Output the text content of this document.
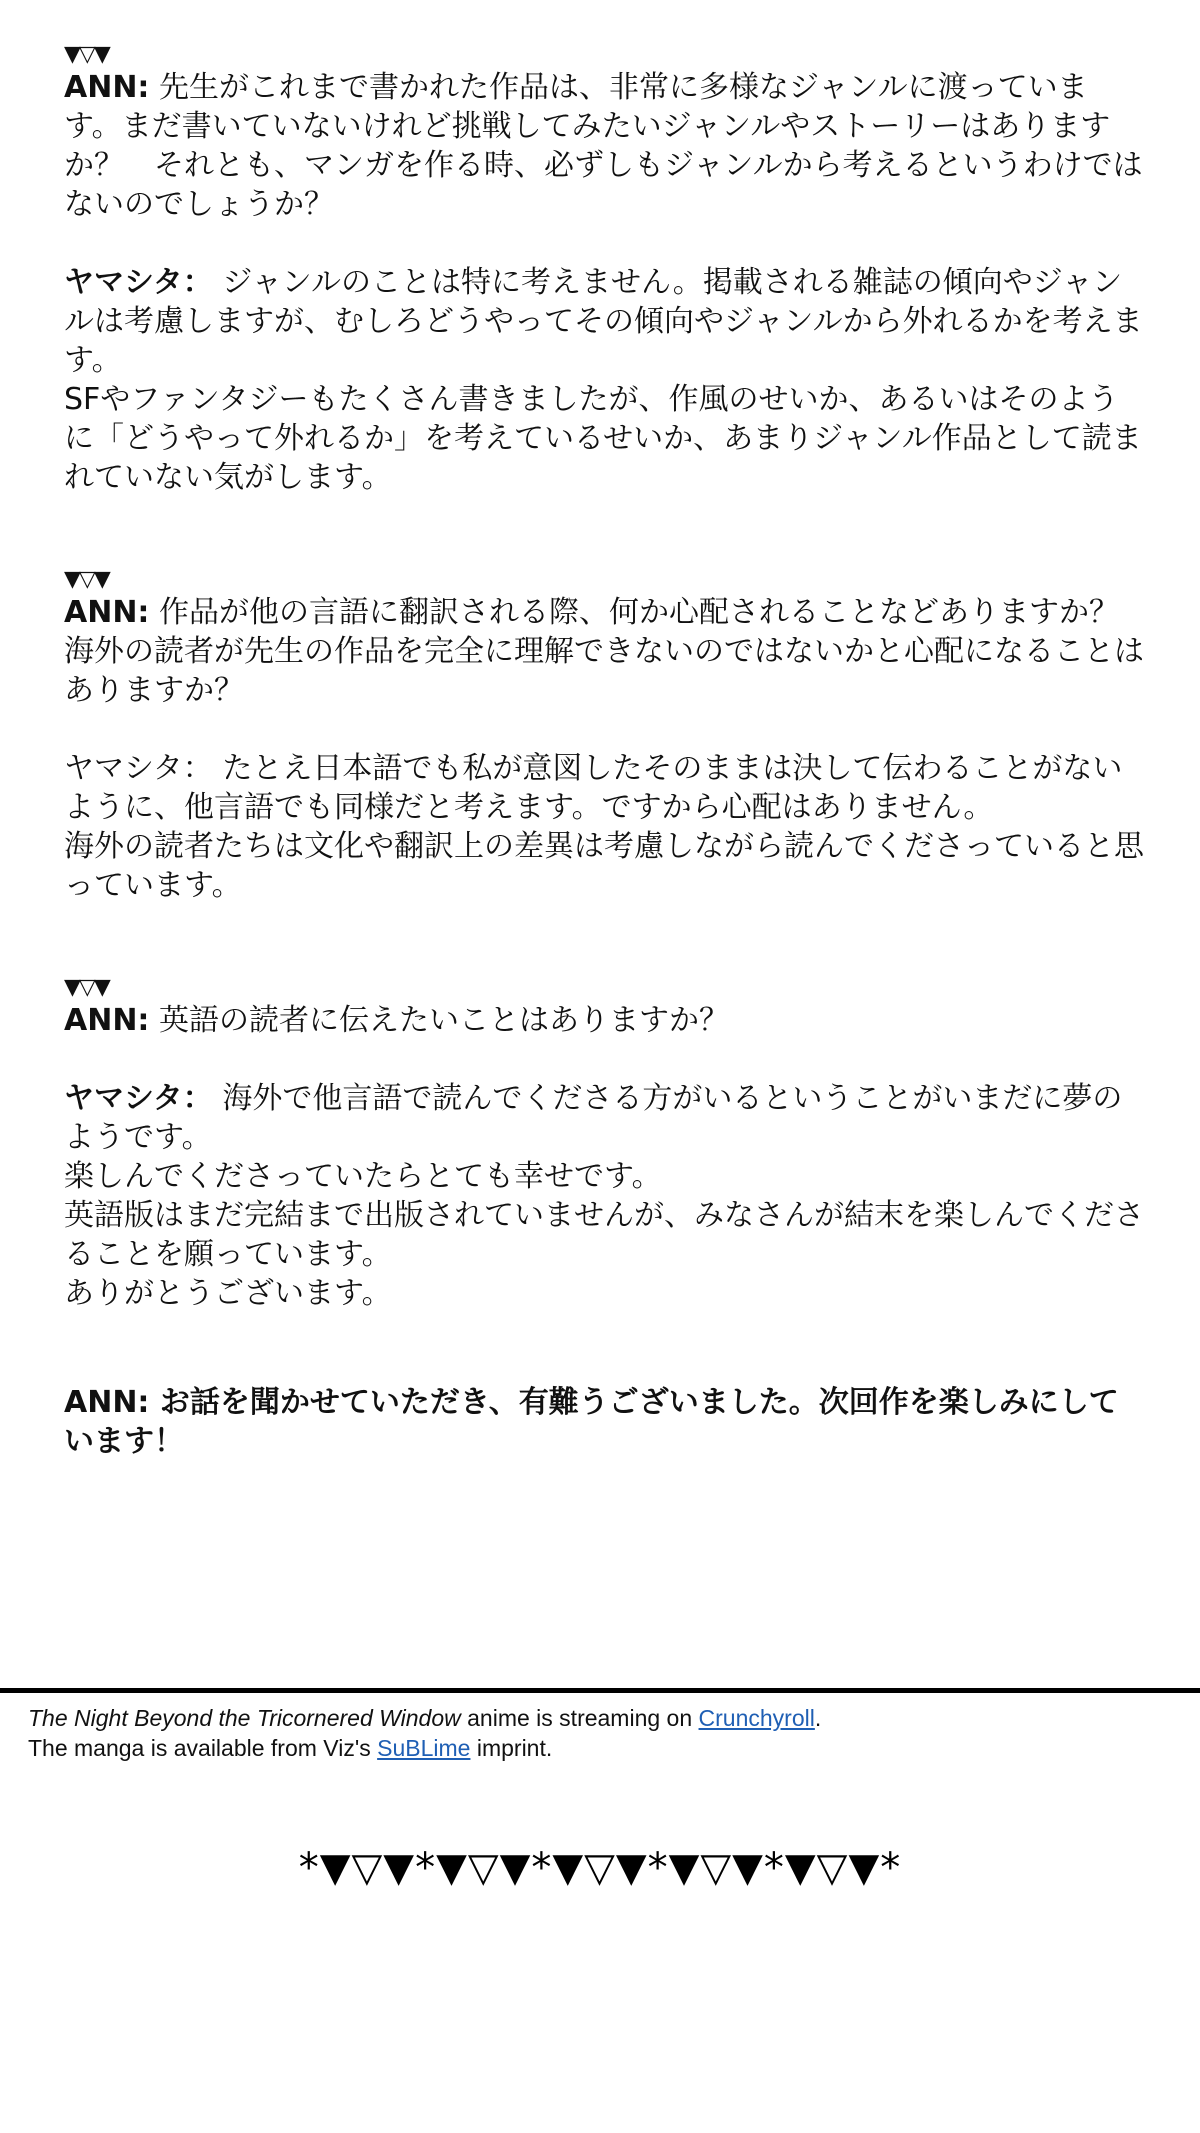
▼▽▼

ANN: 先生がこれまで書かれた作品は、非常に多様なジャンルに渡っています。まだ書いていないけれど挑戦してみたいジャンルやストーリーはありますか？　それとも、マンガを作る時、必ずしもジャンルから考えるというわけではないのでしょうか？

ヤマシタ： ジャンルのことは特に考えません。掲載される雑誌の傾向やジャンルは考慮しますが、むしろどうやってその傾向やジャンルから外れるかを考えます。

SFやファンタジーもたくさん書きましたが、作風のせいか、あるいはそのように「どうやって外れるか」を考えているせいか、あまりジャンル作品として読まれていない気がします。

▼▽▼

ANN: 作品が他の言語に翻訳される際、何か心配されることなどありますか？

海外の読者が先生の作品を完全に理解できないのではないかと心配になることはありますか？

ヤマシタ： たとえ日本語でも私が意図したそのままは決して伝わることがないように、他言語でも同様だと考えます。ですから心配はありません。

海外の読者たちは文化や翻訳上の差異は考慮しながら読んでくださっていると思っています。

▼▽▼

ANN: 英語の読者に伝えたいことはありますか？

ヤマシタ： 海外で他言語で読んでくださる方がいるということがいまだに夢のようです。

楽しんでくださっていたらとても幸せです。

英語版はまだ完結まで出版されていませんが、みなさんが結末を楽しんでくださることを願っています。

ありがとうございます。

ANN: お話を聞かせていただき、有難うございました。次回作を楽しみにしています！

The Night Beyond the Tricornered Window anime is streaming on Crunchyroll.
The manga is available from Viz's SuBLime imprint.
*▼▽▼*▼▽▼*▼▽▼*▼▽▼*▼▽▼*
